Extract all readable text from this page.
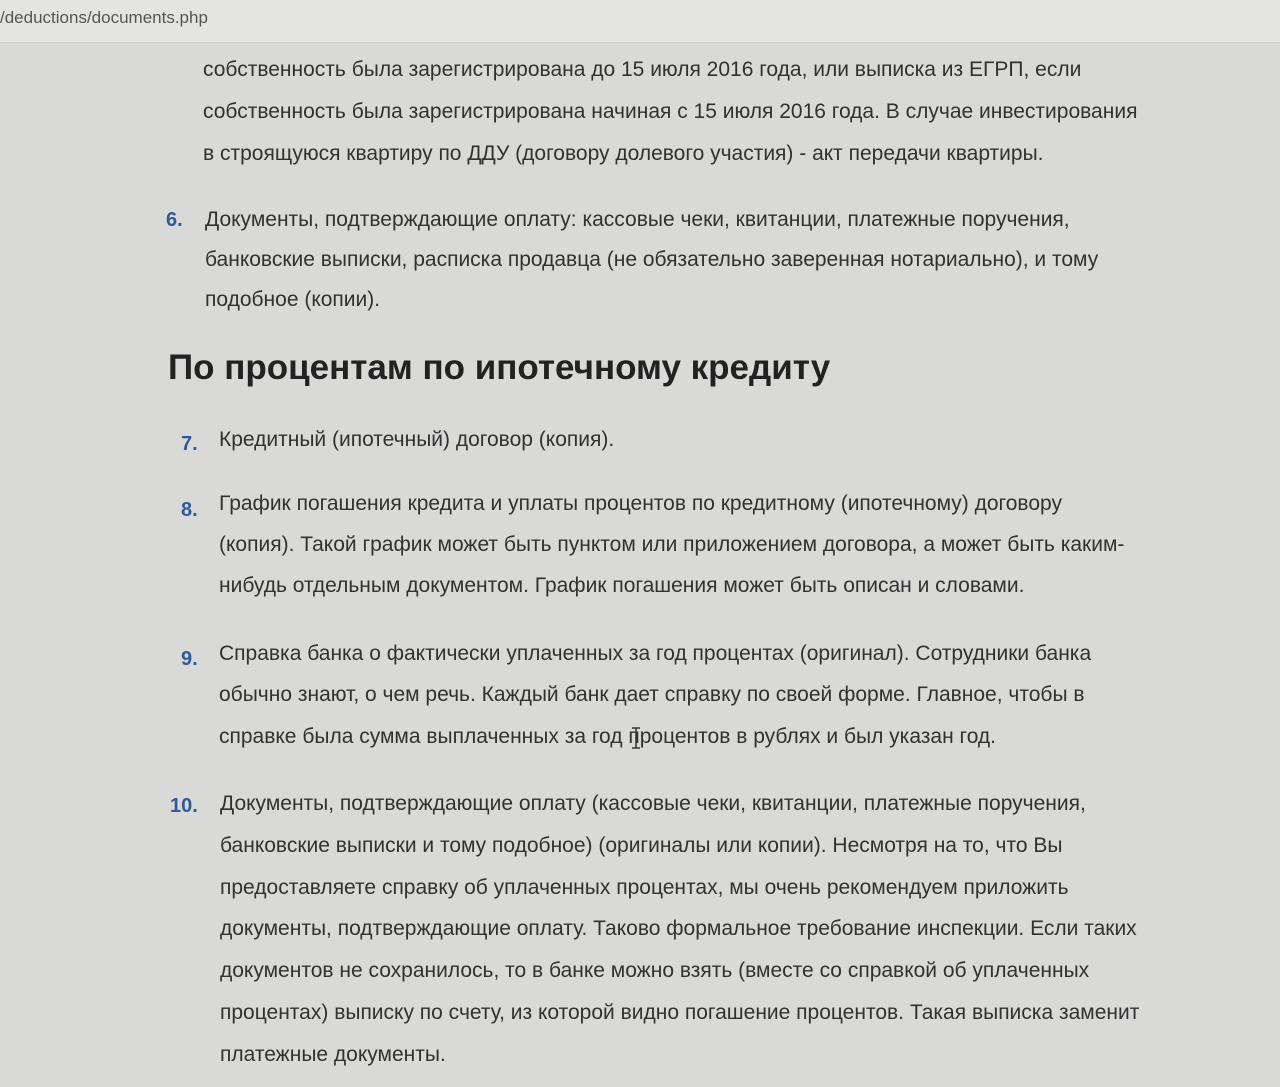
/deductions/documents.php
собственность была зарегистрирована до 15 июля 2016 года, или выписка из ЕГРП, если
собственность была зарегистрирована начиная с 15 июля 2016 года. В случае инвестирования
в строящуюся квартиру по ДДУ (договору долевого участия) - акт передачи квартиры.
6. Документы, подтверждающие оплату: кассовые чеки, квитанции, платежные поручения,
банковские выписки, расписка продавца (не обязательно заверенная нотариально), и тому
подобное (копии).
По процентам по ипотечному кредиту
7. Кредитный (ипотечный) договор (копия).
8. График погашения кредита и уплаты процентов по кредитному (ипотечному) договору
(копия). Такой график может быть пунктом или приложением договора, а может быть каким-
нибудь отдельным документом. График погашения может быть описан и словами.
9. Справка банка о фактически уплаченных за год процентах (оригинал). Сотрудники банка
обычно знают, о чем речь. Каждый банк дает справку по своей форме. Главное, чтобы в
справке была сумма выплаченных за год процентов в рублях и был указан год.
10. Документы, подтверждающие оплату (кассовые чеки, квитанции, платежные поручения,
банковские выписки и тому подобное) (оригиналы или копии). Несмотря на то, что Вы
предоставляете справку об уплаченных процентах, мы очень рекомендуем приложить
документы, подтверждающие оплату. Таково формальное требование инспекции. Если таких
документов не сохранилось, то в банке можно взять (вместе со справкой об уплаченных
процентах) выписку по счету, из которой видно погашение процентов. Такая выписка заменит
платежные документы.
